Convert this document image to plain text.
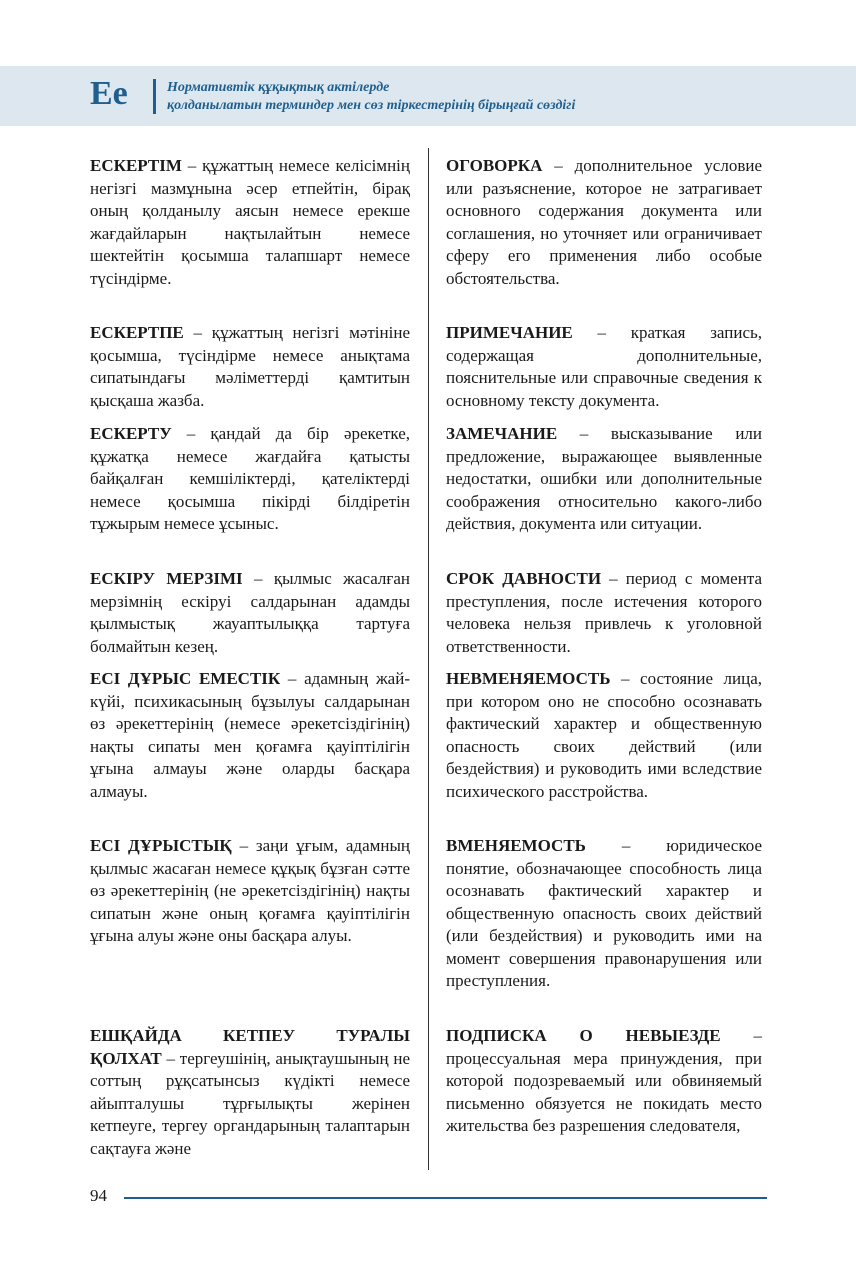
Ee	Нормативтік құқықтық актілерде
қолданылатын терминдер мен сөз тіркестерінің бірыңғай сөздігі
ЕСКЕРТІМ – құжаттың немесе келісімнің негізгі мазмұнына әсер етпейтін, бірақ оның қолданылу аясын немесе ерекше жағдайларын нақтылайтын немесе шектейтін қосымша талапшарт немесе түсіндірме.
ЕСКЕРТПЕ – құжаттың негізгі мәтініне қосымша, түсіндірме немесе анықтама сипатындағы мәліметтерді қамтитын қысқаша жазба.
ЕСКЕРТУ – қандай да бір әрекетке, құжатқа немесе жағдайға қатысты байқалған кемшіліктерді, қателіктерді немесе қосымша пікірді білдіретін тұжырым немесе ұсыныс.
ЕСКІРУ МЕРЗІМІ – қылмыс жасалған мерзімнің ескіруі салдарынан адамды қылмыстық жауаптылыққа тартуға болмайтын кезең.
ЕСІ ДҰРЫС ЕМЕСТІК – адамның жай-күйі, психикасының бұзылуы салдарынан өз әрекеттерінің (немесе әрекетсіздігінің) нақты сипаты мен қоғамға қауіптілігін ұғына алмауы және оларды басқара алмауы.
ЕСІ ДҰРЫСТЫҚ – заңи ұғым, адамның қылмыс жасаған немесе құқық бұзған сәтте өз әрекеттерінің (не әрекетсіздігінің) нақты сипатын және оның қоғамға қауіптілігін ұғына алуы және оны басқара алуы.
ЕШҚАЙДА КЕТПЕУ ТУРАЛЫ ҚОЛХАТ – тергеушінің, анықтаушының не соттың рұқсатынсыз күдікті немесе айыпталушы тұрғылықты жерінен кетпеуге, тергеу органдарының талаптарын сақтауға және
ОГОВОРКА – дополнительное условие или разъяснение, которое не затрагивает основного содержания документа или соглашения, но уточняет или ограничивает сферу его применения либо особые обстоятельства.
ПРИМЕЧАНИЕ – краткая запись, содержащая дополнительные, пояснительные или справочные сведения к основному тексту документа.
ЗАМЕЧАНИЕ – высказывание или предложение, выражающее выявленные недостатки, ошибки или дополнительные соображения относительно какого-либо действия, документа или ситуации.
СРОК ДАВНОСТИ – период с момента преступления, после истечения которого человека нельзя привлечь к уголовной ответственности.
НЕВМЕНЯЕМОСТЬ – состояние лица, при котором оно не способно осознавать фактический характер и общественную опасность своих действий (или бездействия) и руководить ими вследствие психического расстройства.
ВМЕНЯЕМОСТЬ – юридическое понятие, обозначающее способность лица осознавать фактический характер и общественную опасность своих действий (или бездействия) и руководить ими на момент совершения правонарушения или преступления.
ПОДПИСКА О НЕВЫЕЗДЕ – процессуальная мера принуждения, при которой подозреваемый или обвиняемый письменно обязуется не покидать место жительства без разрешения следователя,
94
